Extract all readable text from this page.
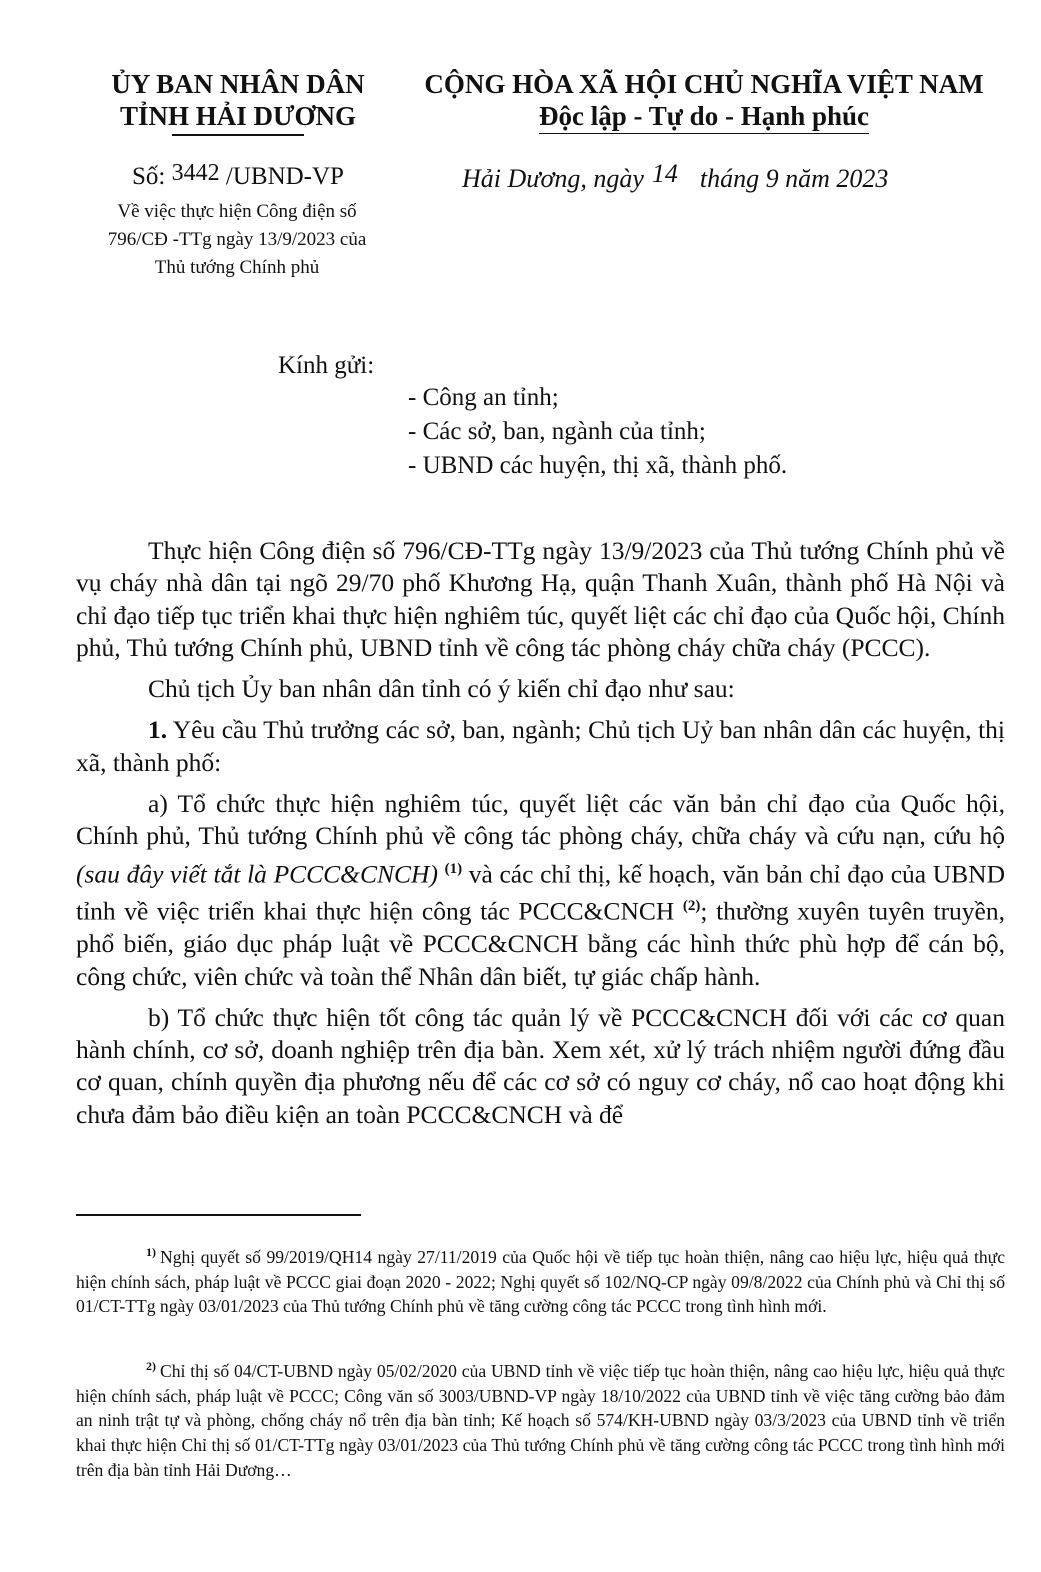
ỦY BAN NHÂN DÂN
TỈNH HẢI DƯƠNG
CỘNG HÒA XÃ HỘI CHỦ NGHĨA VIỆT NAM
Độc lập - Tự do - Hạnh phúc
Số: 3442 /UBND-VP
Về việc thực hiện Công điện số
796/CĐ -TTg ngày 13/9/2023 của
Thủ tướng Chính phủ
Hải Dương, ngày 14 tháng 9 năm 2023
Kính gửi:
- Công an tỉnh;
- Các sở, ban, ngành của tỉnh;
- UBND các huyện, thị xã, thành phố.

Thực hiện Công điện số 796/CĐ-TTg ngày 13/9/2023 của Thủ tướng Chính phủ về vụ cháy nhà dân tại ngõ 29/70 phố Khương Hạ, quận Thanh Xuân, thành phố Hà Nội và chỉ đạo tiếp tục triển khai thực hiện nghiêm túc, quyết liệt các chỉ đạo của Quốc hội, Chính phủ, Thủ tướng Chính phủ, UBND tỉnh về công tác phòng cháy chữa cháy (PCCC).

Chủ tịch Ủy ban nhân dân tỉnh có ý kiến chỉ đạo như sau:

1. Yêu cầu Thủ trưởng các sở, ban, ngành; Chủ tịch Uỷ ban nhân dân các huyện, thị xã, thành phố:

a) Tổ chức thực hiện nghiêm túc, quyết liệt các văn bản chỉ đạo của Quốc hội, Chính phủ, Thủ tướng Chính phủ về công tác phòng cháy, chữa cháy và cứu nạn, cứu hộ (sau đây viết tắt là PCCC&CNCH) $^{(1)}$ và các chỉ thị, kế hoạch, văn bản chỉ đạo của UBND tỉnh về việc triển khai thực hiện công tác PCCC&CNCH $^{(2)}$; thường xuyên tuyên truyền, phổ biến, giáo dục pháp luật về PCCC&CNCH bằng các hình thức phù hợp để cán bộ, công chức, viên chức và toàn thể Nhân dân biết, tự giác chấp hành.

b) Tổ chức thực hiện tốt công tác quản lý về PCCC&CNCH đối với các cơ quan hành chính, cơ sở, doanh nghiệp trên địa bàn. Xem xét, xử lý trách nhiệm người đứng đầu cơ quan, chính quyền địa phương nếu để các cơ sở có nguy cơ cháy, nổ cao hoạt động khi chưa đảm bảo điều kiện an toàn PCCC&CNCH và để

$^{1)}$ Nghị quyết số 99/2019/QH14 ngày 27/11/2019 của Quốc hội về tiếp tục hoàn thiện, nâng cao hiệu lực, hiệu quả thực hiện chính sách, pháp luật về PCCC giai đoạn 2020 - 2022; Nghị quyết số 102/NQ-CP ngày 09/8/2022 của Chính phủ và Chỉ thị số 01/CT-TTg ngày 03/01/2023 của Thủ tướng Chính phủ về tăng cường công tác PCCC trong tình hình mới.
$^{2)}$ Chỉ thị số 04/CT-UBND ngày 05/02/2020 của UBND tỉnh về việc tiếp tục hoàn thiện, nâng cao hiệu lực, hiệu quả thực hiện chính sách, pháp luật về PCCC; Công văn số 3003/UBND-VP ngày 18/10/2022 của UBND tỉnh về việc tăng cường bảo đảm an ninh trật tự và phòng, chống cháy nổ trên địa bàn tỉnh; Kế hoạch số 574/KH-UBND ngày 03/3/2023 của UBND tỉnh về triển khai thực hiện Chỉ thị số 01/CT-TTg ngày 03/01/2023 của Thủ tướng Chính phủ về tăng cường công tác PCCC trong tình hình mới trên địa bàn tỉnh Hải Dương…
